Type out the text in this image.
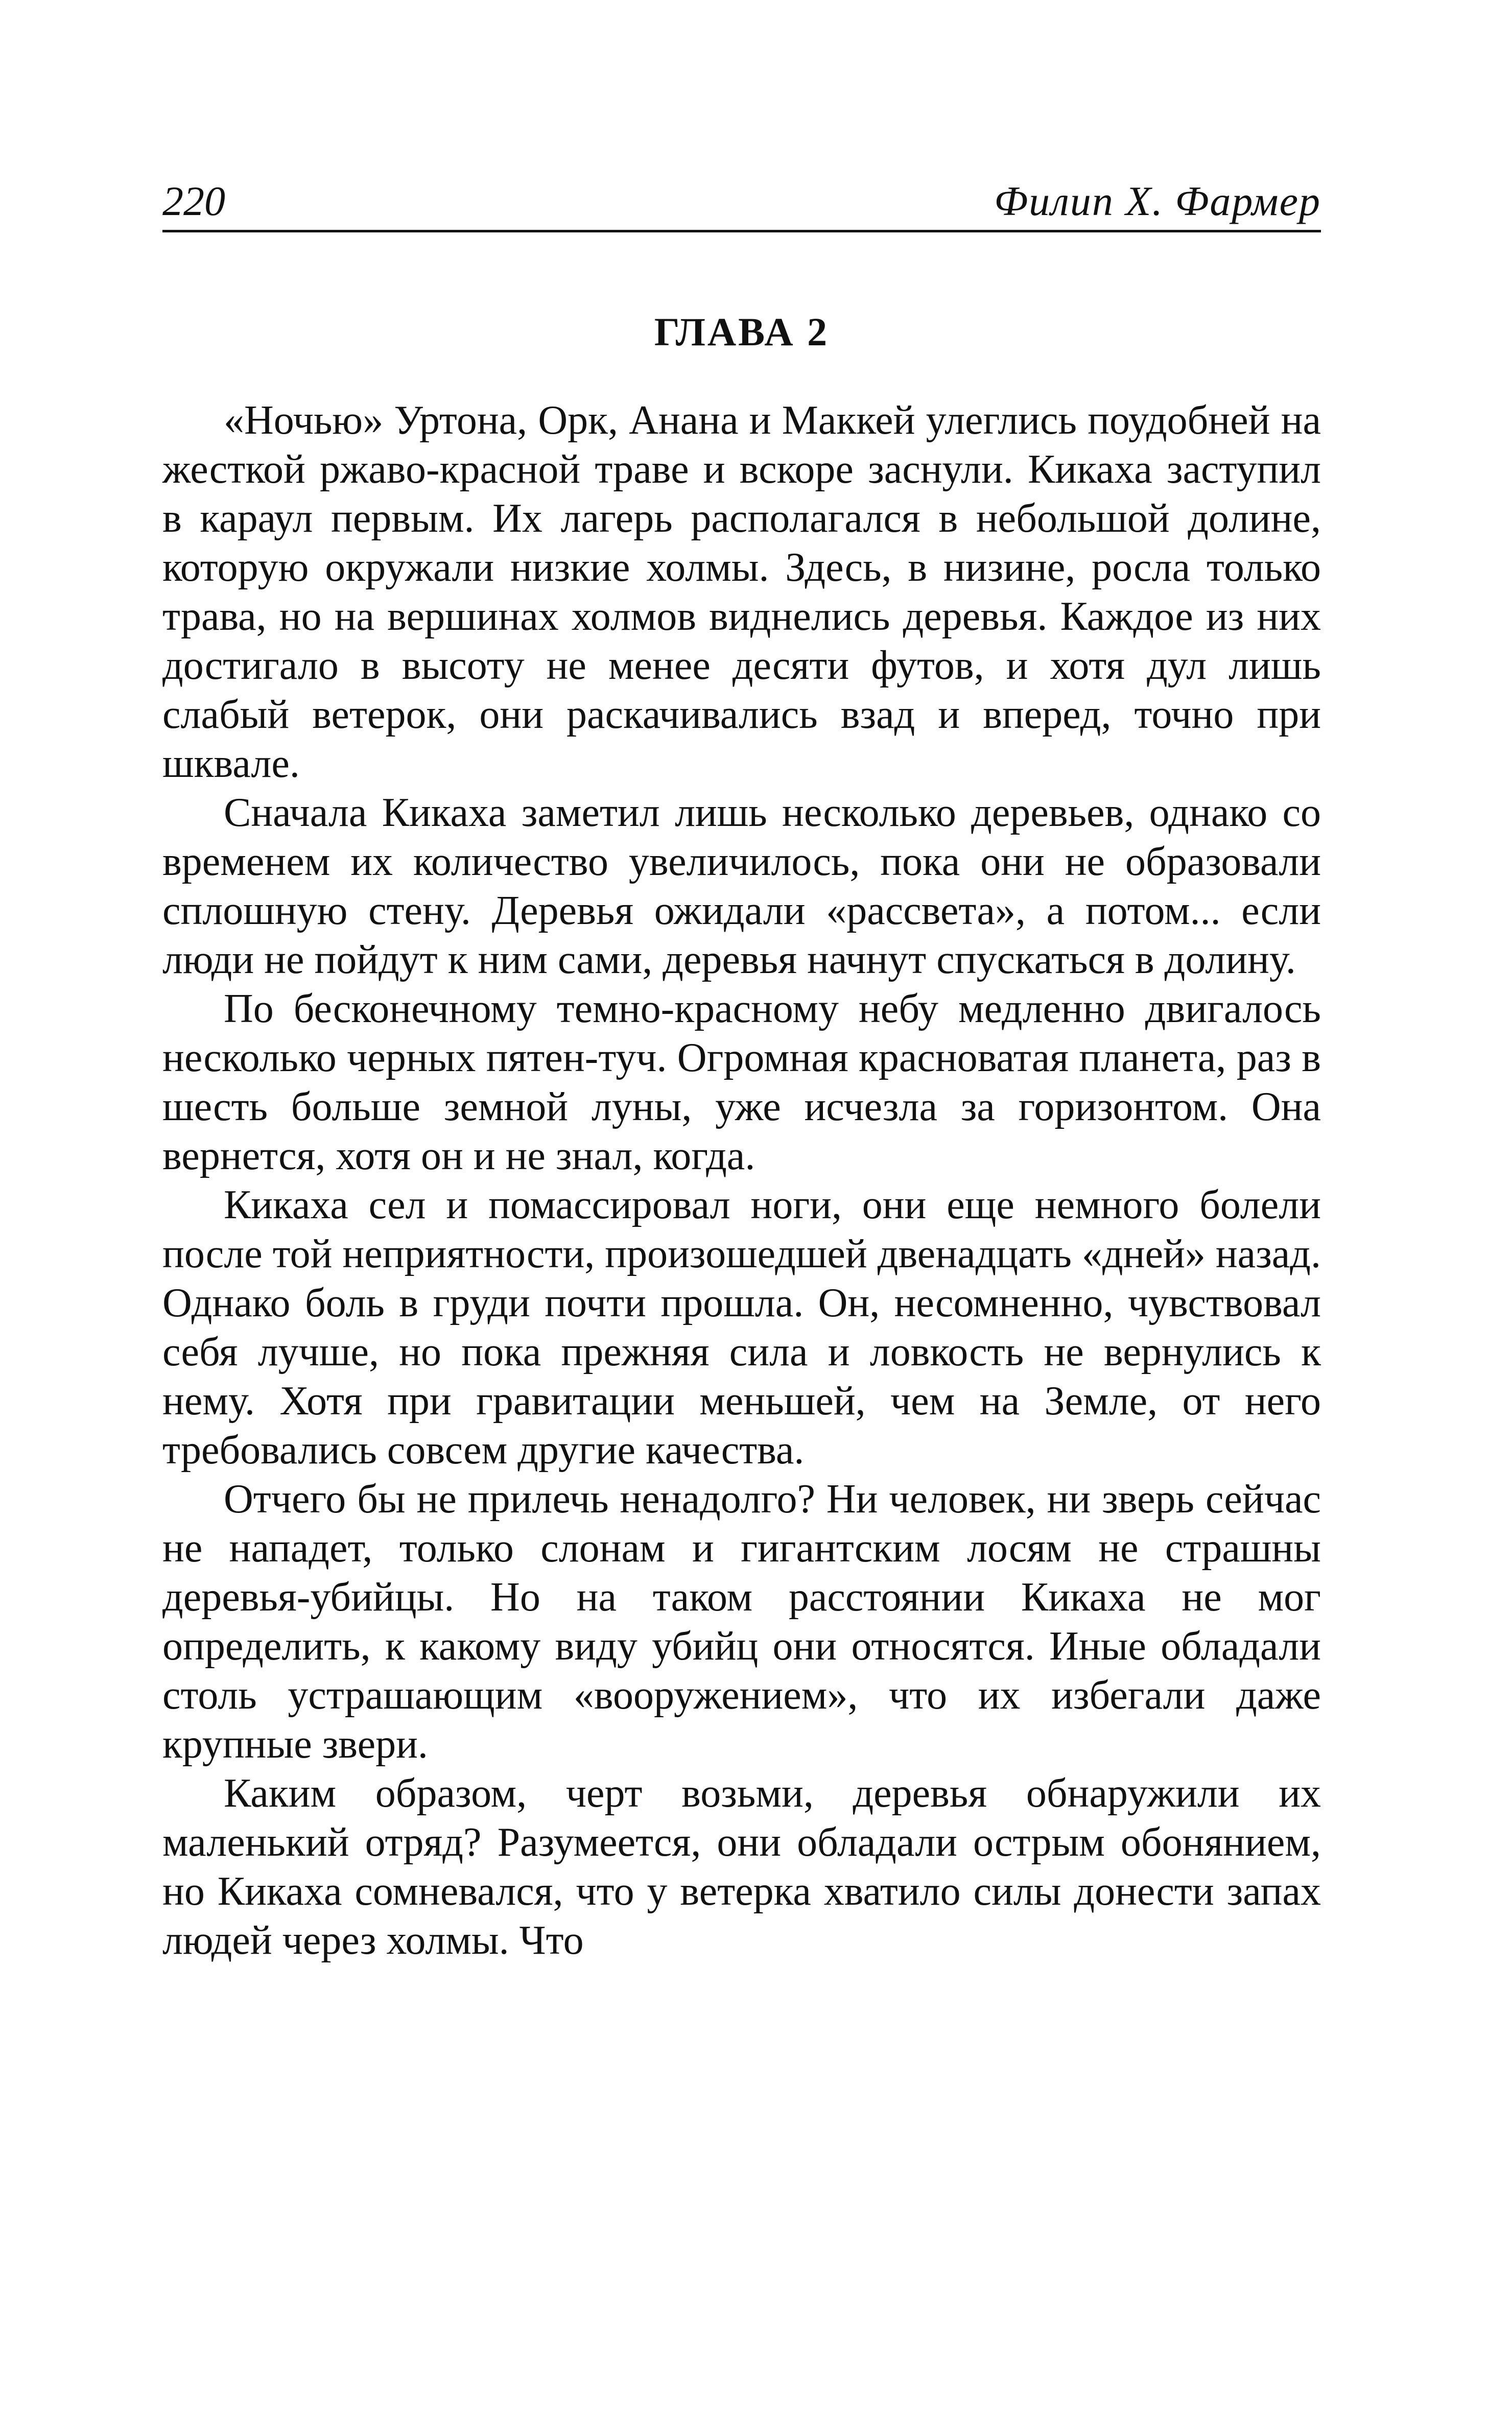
220	Филип Х. Фармер
ГЛАВА 2

«Ночью» Уртона, Орк, Анана и Маккей улеглись поудобней на жесткой ржаво-красной траве и вскоре заснули. Кикаха заступил в караул первым. Их лагерь располагался в небольшой долине, которую окружали низкие холмы. Здесь, в низине, росла только трава, но на вершинах холмов виднелись деревья. Каждое из них достигало в высоту не менее десяти футов, и хотя дул лишь слабый ветерок, они раскачивались взад и вперед, точно при шквале.

Сначала Кикаха заметил лишь несколько деревьев, однако со временем их количество увеличилось, пока они не образовали сплошную стену. Деревья ожидали «рассвета», а потом... если люди не пойдут к ним сами, деревья начнут спускаться в долину.

По бесконечному темно-красному небу медленно двигалось несколько черных пятен-туч. Огромная красноватая планета, раз в шесть больше земной луны, уже исчезла за горизонтом. Она вернется, хотя он и не знал, когда.

Кикаха сел и помассировал ноги, они еще немного болели после той неприятности, произошедшей двенадцать «дней» назад. Однако боль в груди почти прошла. Он, несомненно, чувствовал себя лучше, но пока прежняя сила и ловкость не вернулись к нему. Хотя при гравитации меньшей, чем на Земле, от него требовались совсем другие качества.

Отчего бы не прилечь ненадолго? Ни человек, ни зверь сейчас не нападет, только слонам и гигантским лосям не страшны деревья-убийцы. Но на таком расстоянии Кикаха не мог определить, к какому виду убийц они относятся. Иные обладали столь устрашающим «вооружением», что их избегали даже крупные звери.

Каким образом, черт возьми, деревья обнаружили их маленький отряд? Разумеется, они обладали острым обонянием, но Кикаха сомневался, что у ветерка хватило силы донести запах людей через холмы. Что
